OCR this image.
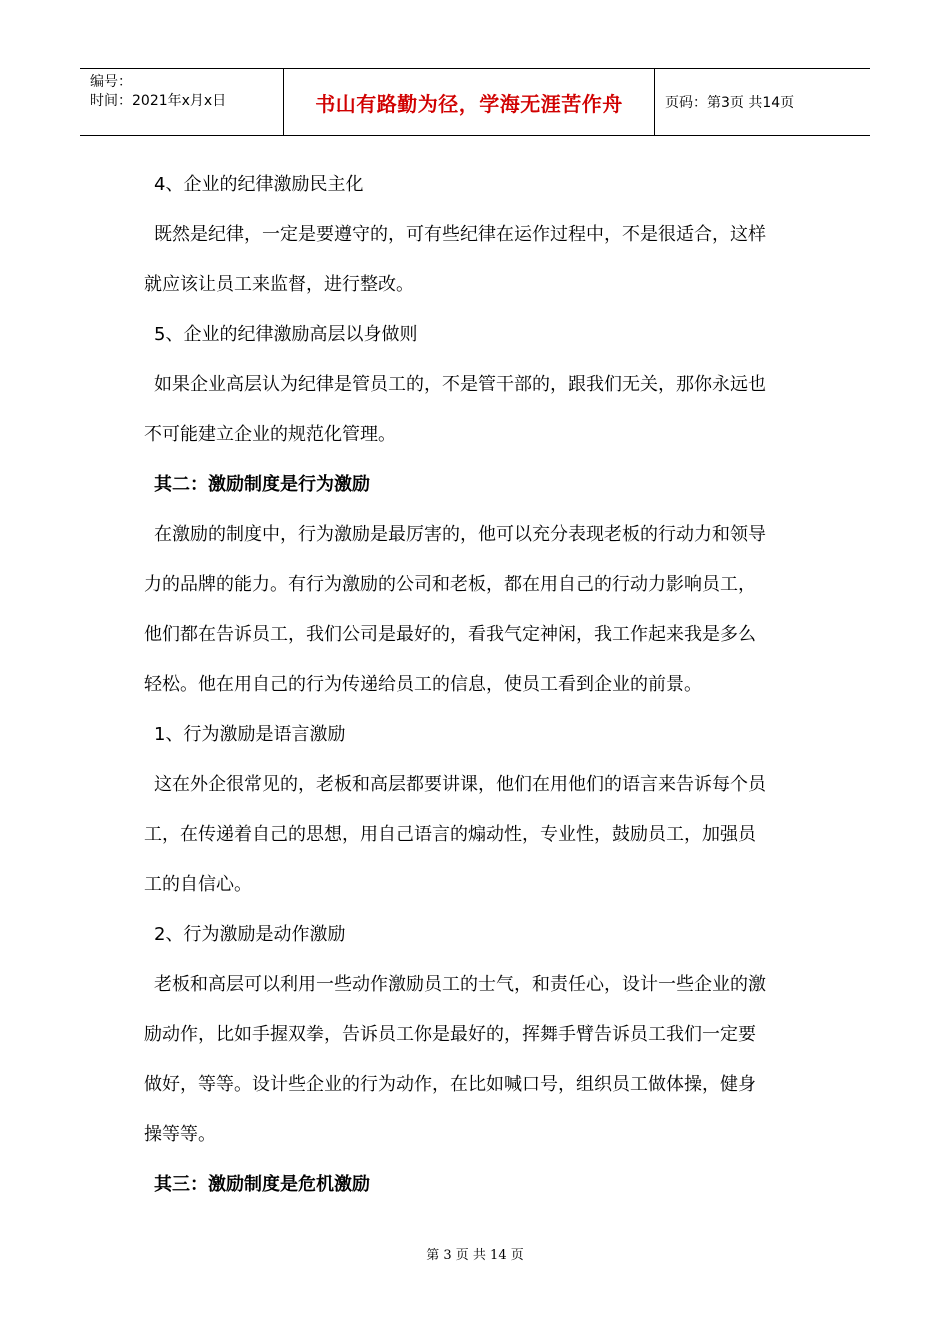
编号：
时间：2021年x月x日	书山有路勤为径，学海无涯苦作舟	页码：第3页 共14页
4、企业的纪律激励民主化
既然是纪律，一定是要遵守的，可有些纪律在运作过程中，不是很适合，这样
就应该让员工来监督，进行整改。
5、企业的纪律激励高层以身做则
如果企业高层认为纪律是管员工的，不是管干部的，跟我们无关，那你永远也
不可能建立企业的规范化管理。
其二：激励制度是行为激励
在激励的制度中，行为激励是最厉害的，他可以充分表现老板的行动力和领导
力的品牌的能力。有行为激励的公司和老板，都在用自己的行动力影响员工，
他们都在告诉员工，我们公司是最好的，看我气定神闲，我工作起来我是多么
轻松。他在用自己的行为传递给员工的信息，使员工看到企业的前景。
1、行为激励是语言激励
这在外企很常见的，老板和高层都要讲课，他们在用他们的语言来告诉每个员
工，在传递着自己的思想，用自己语言的煽动性，专业性，鼓励员工，加强员
工的自信心。
2、行为激励是动作激励
老板和高层可以利用一些动作激励员工的士气，和责任心，设计一些企业的激
励动作，比如手握双拳，告诉员工你是最好的，挥舞手臂告诉员工我们一定要
做好，等等。设计些企业的行为动作，在比如喊口号，组织员工做体操，健身
操等等。
其三：激励制度是危机激励
第 3 页 共 14 页
